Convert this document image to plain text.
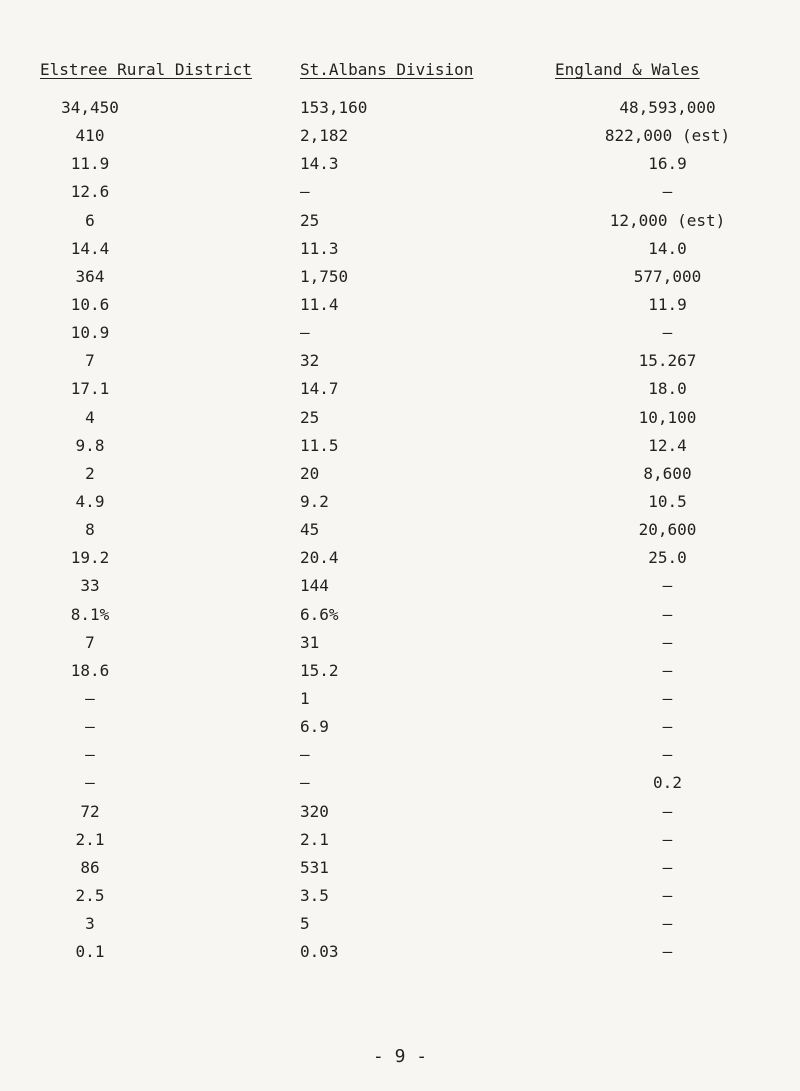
Elstree Rural District	St.Albans Division	England & Wales
34,450	153,160	48,593,000
410	2,182	822,000 (est)
11.9	14.3	16.9
12.6	–	–
6	25	12,000 (est)
14.4	11.3	14.0
364	1,750	577,000
10.6	11.4	11.9
10.9	–	–
7	32	15.267
17.1	14.7	18.0
4	25	10,100
9.8	11.5	12.4
2	20	8,600
4.9	9.2	10.5
8	45	20,600
19.2	20.4	25.0
33	144	–
8.1%	6.6%	–
7	31	–
18.6	15.2	–
–	1	–
–	6.9	–
–	–	–
–	–	0.2
72	320	–
2.1	2.1	–
86	531	–
2.5	3.5	–
3	5	–
0.1	0.03	–
- 9 -
